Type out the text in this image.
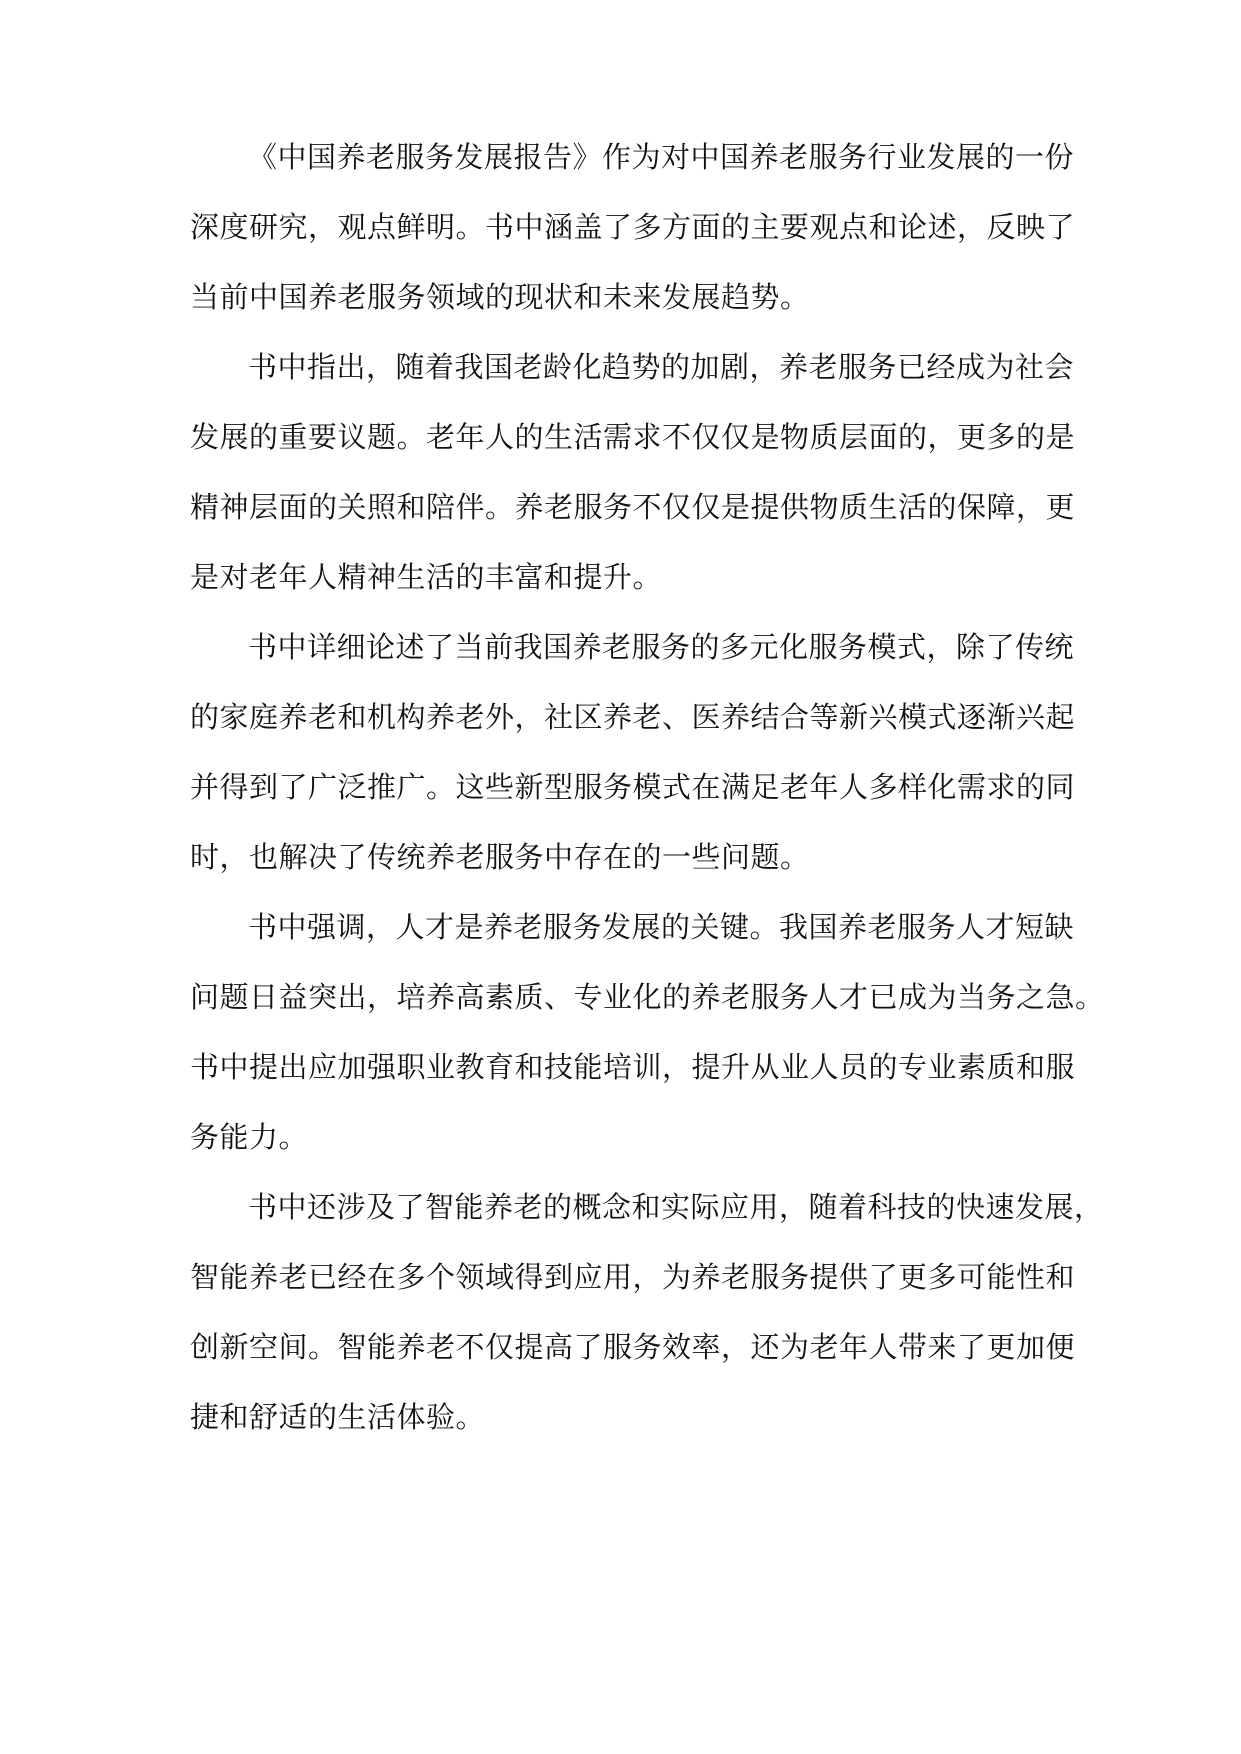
《中国养老服务发展报告》作为对中国养老服务行业发展的一份
深度研究，观点鲜明。书中涵盖了多方面的主要观点和论述，反映了
当前中国养老服务领域的现状和未来发展趋势。
书中指出，随着我国老龄化趋势的加剧，养老服务已经成为社会
发展的重要议题。老年人的生活需求不仅仅是物质层面的，更多的是
精神层面的关照和陪伴。养老服务不仅仅是提供物质生活的保障，更
是对老年人精神生活的丰富和提升。
书中详细论述了当前我国养老服务的多元化服务模式，除了传统
的家庭养老和机构养老外，社区养老、医养结合等新兴模式逐渐兴起
并得到了广泛推广。这些新型服务模式在满足老年人多样化需求的同
时，也解决了传统养老服务中存在的一些问题。
书中强调，人才是养老服务发展的关键。我国养老服务人才短缺
问题日益突出，培养高素质、专业化的养老服务人才已成为当务之急。
书中提出应加强职业教育和技能培训，提升从业人员的专业素质和服
务能力。
书中还涉及了智能养老的概念和实际应用，随着科技的快速发展，
智能养老已经在多个领域得到应用，为养老服务提供了更多可能性和
创新空间。智能养老不仅提高了服务效率，还为老年人带来了更加便
捷和舒适的生活体验。
